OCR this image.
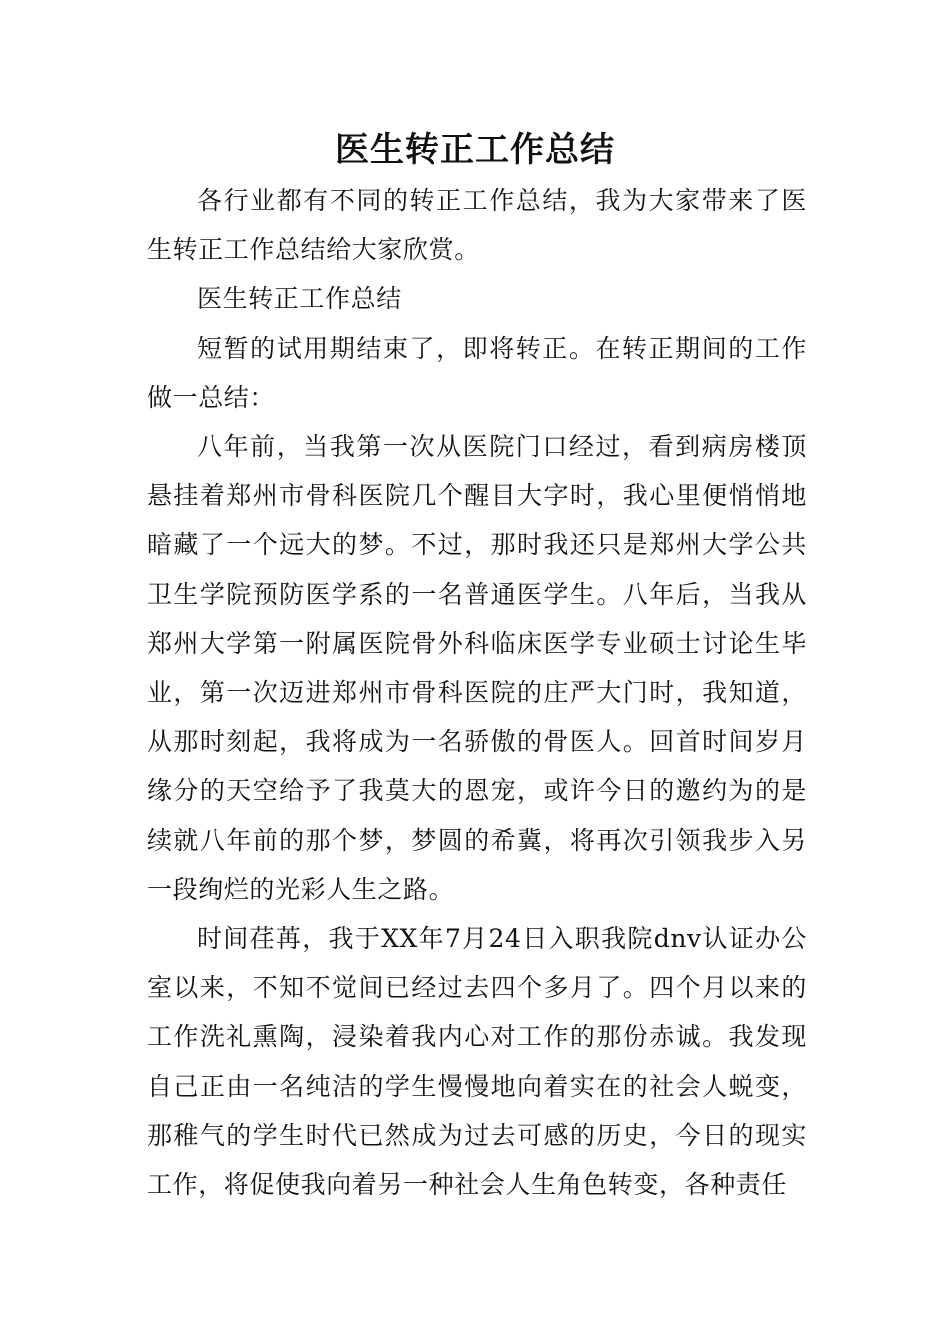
医生转正工作总结

各行业都有不同的转正工作总结，我为大家带来了医生转正工作总结给大家欣赏。

医生转正工作总结

短暂的试用期结束了，即将转正。在转正期间的工作做一总结：

八年前，当我第一次从医院门口经过，看到病房楼顶悬挂着郑州市骨科医院几个醒目大字时，我心里便悄悄地暗藏了一个远大的梦。不过，那时我还只是郑州大学公共卫生学院预防医学系的一名普通医学生。八年后，当我从郑州大学第一附属医院骨外科临床医学专业硕士讨论生毕业，第一次迈进郑州市骨科医院的庄严大门时，我知道，从那时刻起，我将成为一名骄傲的骨医人。回首时间岁月缘分的天空给予了我莫大的恩宠，或许今日的邀约为的是续就八年前的那个梦，梦圆的希冀，将再次引领我步入另一段绚烂的光彩人生之路。

时间荏苒，我于XX年7月24日入职我院dnv认证办公室以来，不知不觉间已经过去四个多月了。四个月以来的工作洗礼熏陶，浸染着我内心对工作的那份赤诚。我发现自己正由一名纯洁的学生慢慢地向着实在的社会人蜕变，那稚气的学生时代已然成为过去可感的历史，今日的现实工作，将促使我向着另一种社会人生角色转变，各种责任
